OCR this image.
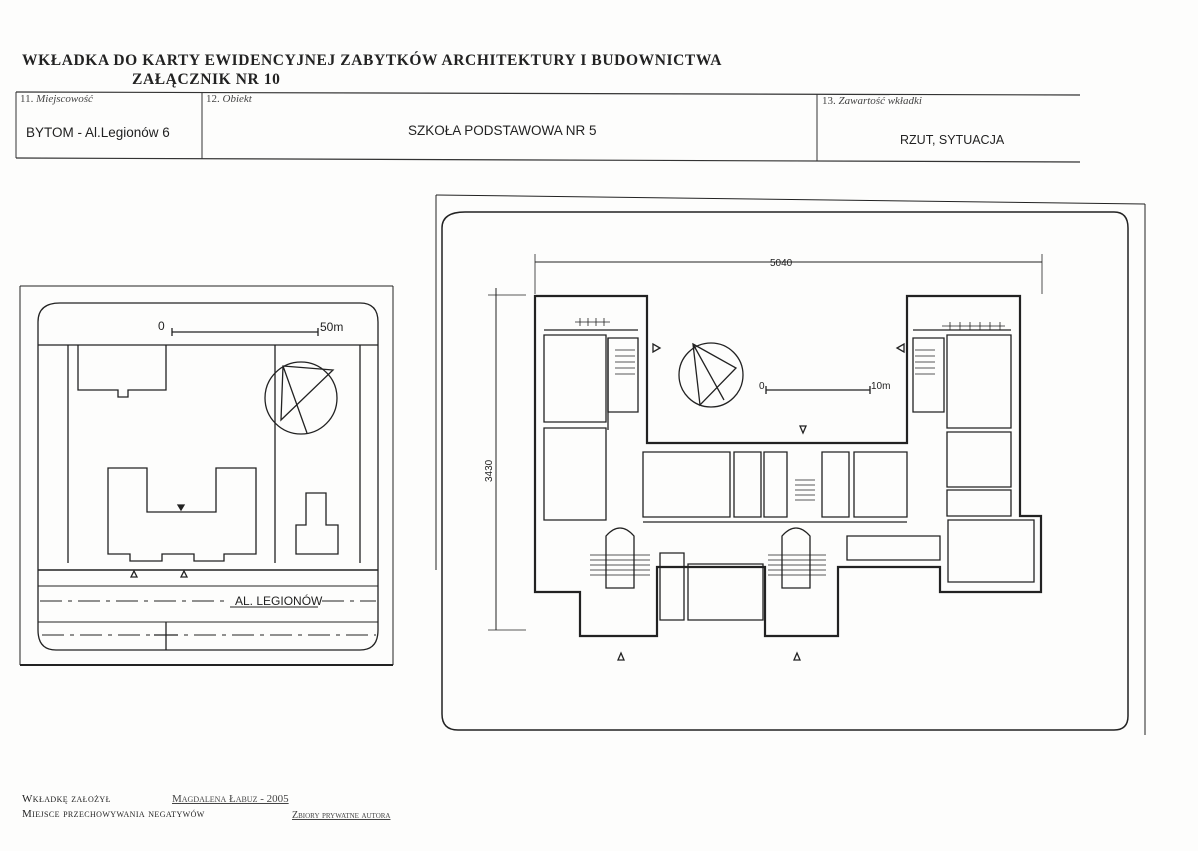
WKŁADKA DO KARTY EWIDENCYJNEJ ZABYTKÓW ARCHITEKTURY I BUDOWNICTWA
ZAŁĄCZNIK NR 10
11. Miejscowość
BYTOM - Al.Legionów 6
12. Obiekt
SZKOŁA PODSTAWOWA NR 5
13. Zawartość wkładki
RZUT, SYTUACJA
0	50m
AL. LEGIONÓW
5040
3430
0	10m
Wkładkę założył	Magdalena Łabuz - 2005
Miejsce przechowywania negatywów	Zbiory prywatne autora
